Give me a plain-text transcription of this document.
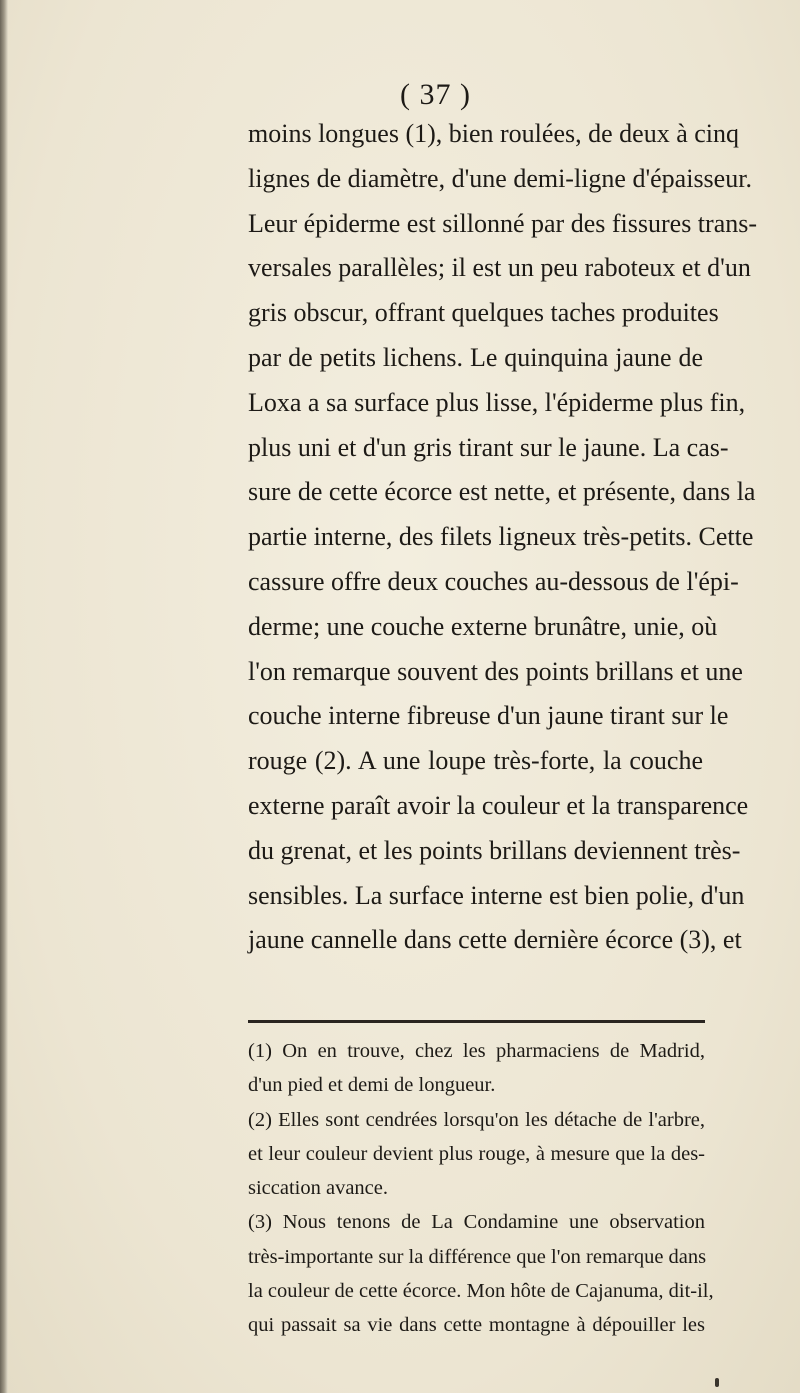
( 37 )
moins longues (1), bien roulées, de deux à cinq
lignes de diamètre, d'une demi-ligne d'épaisseur.
Leur épiderme est sillonné par des fissures trans-
versales parallèles; il est un peu raboteux et d'un
gris obscur, offrant quelques taches produites
par de petits lichens. Le quinquina jaune de
Loxa a sa surface plus lisse, l'épiderme plus fin,
plus uni et d'un gris tirant sur le jaune. La cas-
sure de cette écorce est nette, et présente, dans la
partie interne, des filets ligneux très-petits. Cette
cassure offre deux couches au-dessous de l'épi-
derme; une couche externe brunâtre, unie, où
l'on remarque souvent des points brillans et une
couche interne fibreuse d'un jaune tirant sur le
rouge (2). A une loupe très-forte, la couche
externe paraît avoir la couleur et la transparence
du grenat, et les points brillans deviennent très-
sensibles. La surface interne est bien polie, d'un
jaune cannelle dans cette dernière écorce (3), et
(1) On en trouve, chez les pharmaciens de Madrid,
d'un pied et demi de longueur.
(2) Elles sont cendrées lorsqu'on les détache de l'arbre,
et leur couleur devient plus rouge, à mesure que la des-
siccation avance.
(3) Nous tenons de La Condamine une observation
très-importante sur la différence que l'on remarque dans
la couleur de cette écorce. Mon hôte de Cajanuma, dit-il,
qui passait sa vie dans cette montagne à dépouiller les
